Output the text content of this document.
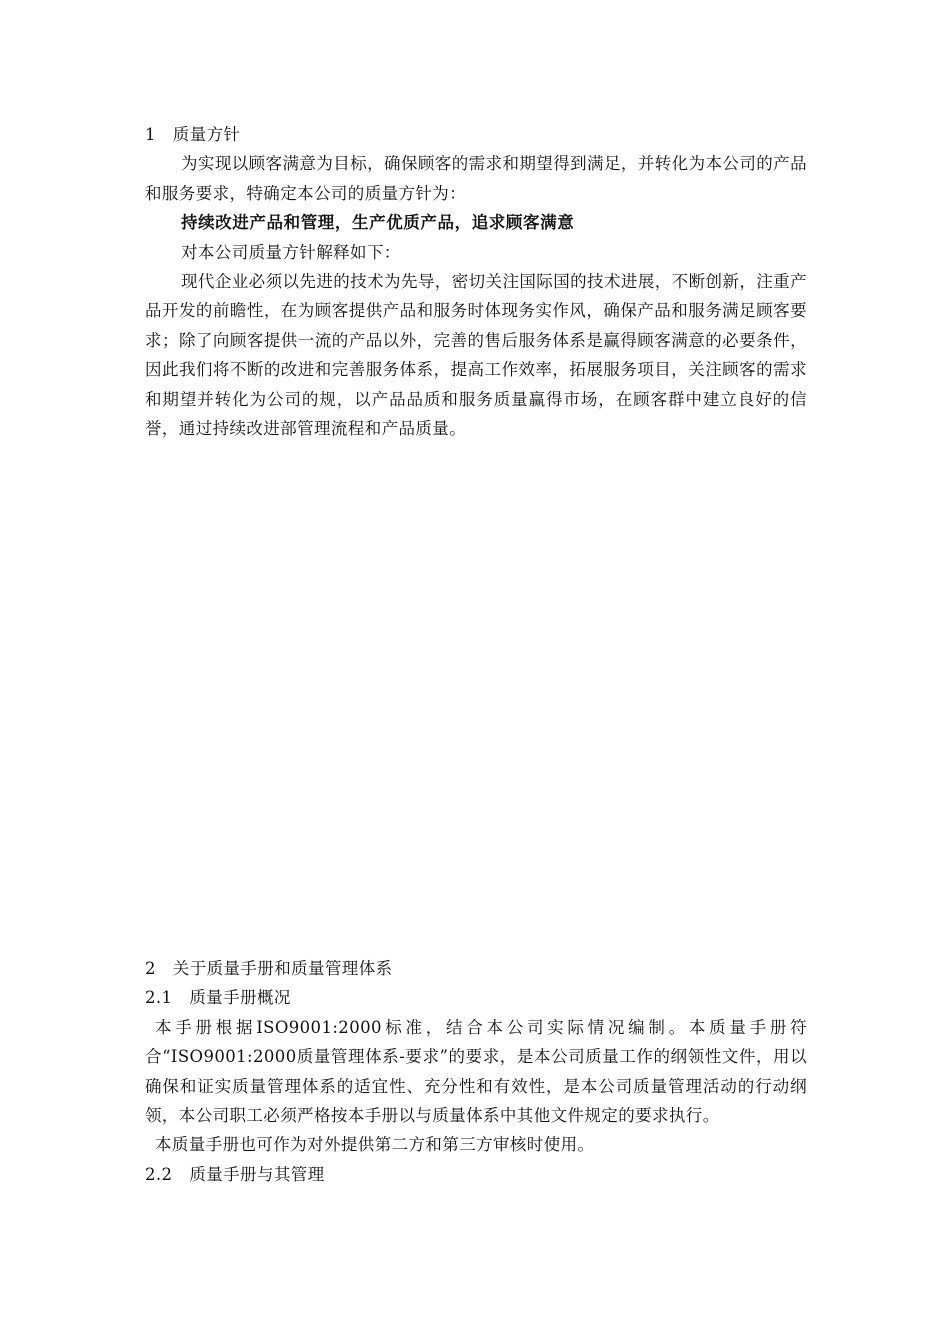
1　质量方针

为实现以顾客满意为目标，确保顾客的需求和期望得到满足，并转化为本公司的产品和服务要求，特确定本公司的质量方针为：

持续改进产品和管理，生产优质产品，追求顾客满意

对本公司质量方针解释如下：

现代企业必须以先进的技术为先导，密切关注国际国的技术进展，不断创新，注重产品开发的前瞻性，在为顾客提供产品和服务时体现务实作风，确保产品和服务满足顾客要求；除了向顾客提供一流的产品以外，完善的售后服务体系是赢得顾客满意的必要条件，因此我们将不断的改进和完善服务体系，提高工作效率，拓展服务项目，关注顾客的需求和期望并转化为公司的规，以产品品质和服务质量赢得市场，在顾客群中建立良好的信誉，通过持续改进部管理流程和产品质量。

2　关于质量手册和质量管理体系

2.1　质量手册概况

本手册根据ISO9001:2000标准，结合本公司实际情况编制。本质量手册符合“ISO9001:2000质量管理体系-要求”的要求，是本公司质量工作的纲领性文件，用以确保和证实质量管理体系的适宜性、充分性和有效性，是本公司质量管理活动的行动纲领，本公司职工必须严格按本手册以与质量体系中其他文件规定的要求执行。

本质量手册也可作为对外提供第二方和第三方审核时使用。

2.2　质量手册与其管理
